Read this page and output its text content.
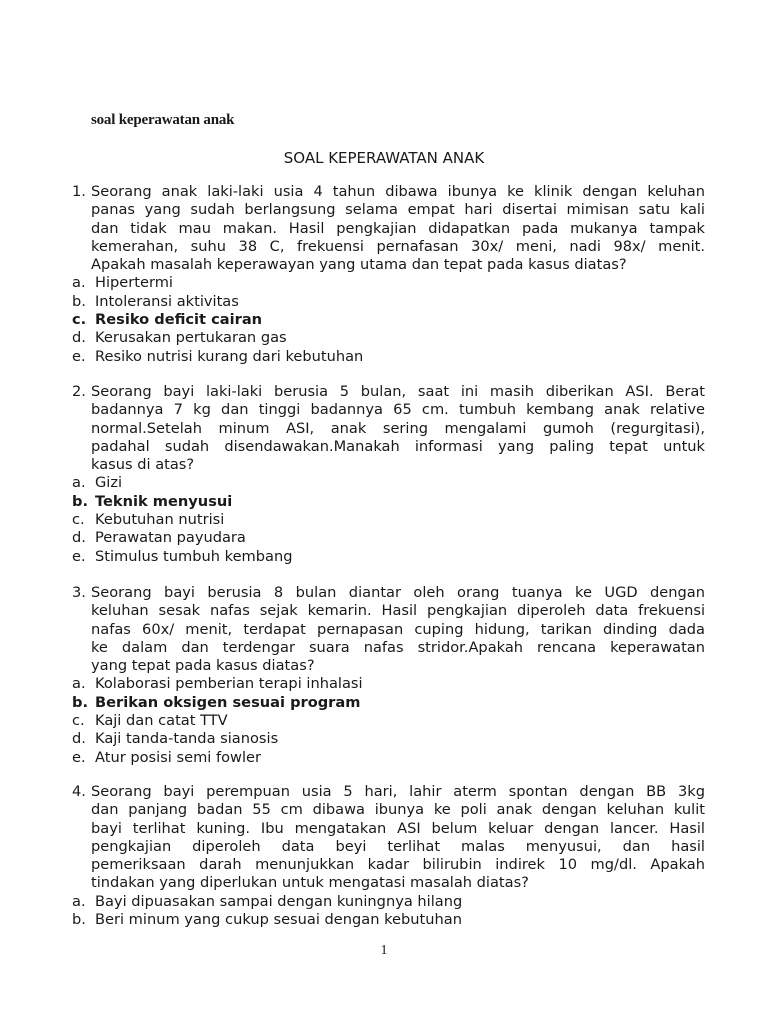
soal keperawatan anak
SOAL KEPERAWATAN ANAK
1. Seorang anak laki-laki usia 4 tahun dibawa ibunya ke klinik dengan keluhan
panas yang sudah berlangsung selama empat hari disertai mimisan satu kali
dan tidak mau makan. Hasil pengkajian didapatkan pada mukanya tampak
kemerahan, suhu 38 C, frekuensi pernafasan 30x/ meni, nadi 98x/ menit.
Apakah masalah keperawayan yang utama dan tepat pada kasus diatas?
a. Hipertermi
b. Intoleransi aktivitas
c. Resiko deficit cairan
d. Kerusakan pertukaran gas
e. Resiko nutrisi kurang dari kebutuhan
2. Seorang bayi laki-laki berusia 5 bulan, saat ini masih diberikan ASI. Berat
badannya 7 kg dan tinggi badannya 65 cm. tumbuh kembang anak relative
normal.Setelah minum ASI, anak sering mengalami gumoh (regurgitasi),
padahal sudah disendawakan.Manakah informasi yang paling tepat untuk
kasus di atas?
a. Gizi
b. Teknik menyusui
c. Kebutuhan nutrisi
d. Perawatan payudara
e. Stimulus tumbuh kembang
3. Seorang bayi berusia 8 bulan diantar oleh orang tuanya ke UGD dengan
keluhan sesak nafas sejak kemarin. Hasil pengkajian diperoleh data frekuensi
nafas 60x/ menit, terdapat pernapasan cuping hidung, tarikan dinding dada
ke dalam dan terdengar suara nafas stridor.Apakah rencana keperawatan
yang tepat pada kasus diatas?
a. Kolaborasi pemberian terapi inhalasi
b. Berikan oksigen sesuai program
c. Kaji dan catat TTV
d. Kaji tanda-tanda sianosis
e. Atur posisi semi fowler
4. Seorang bayi perempuan usia 5 hari, lahir aterm spontan dengan BB 3kg
dan panjang badan 55 cm dibawa ibunya ke poli anak dengan keluhan kulit
bayi terlihat kuning. Ibu mengatakan ASI belum keluar dengan lancer. Hasil
pengkajian diperoleh data beyi terlihat malas menyusui, dan hasil
pemeriksaan darah menunjukkan kadar bilirubin indirek 10 mg/dl. Apakah
tindakan yang diperlukan untuk mengatasi masalah diatas?
a. Bayi dipuasakan sampai dengan kuningnya hilang
b. Beri minum yang cukup sesuai dengan kebutuhan
1
